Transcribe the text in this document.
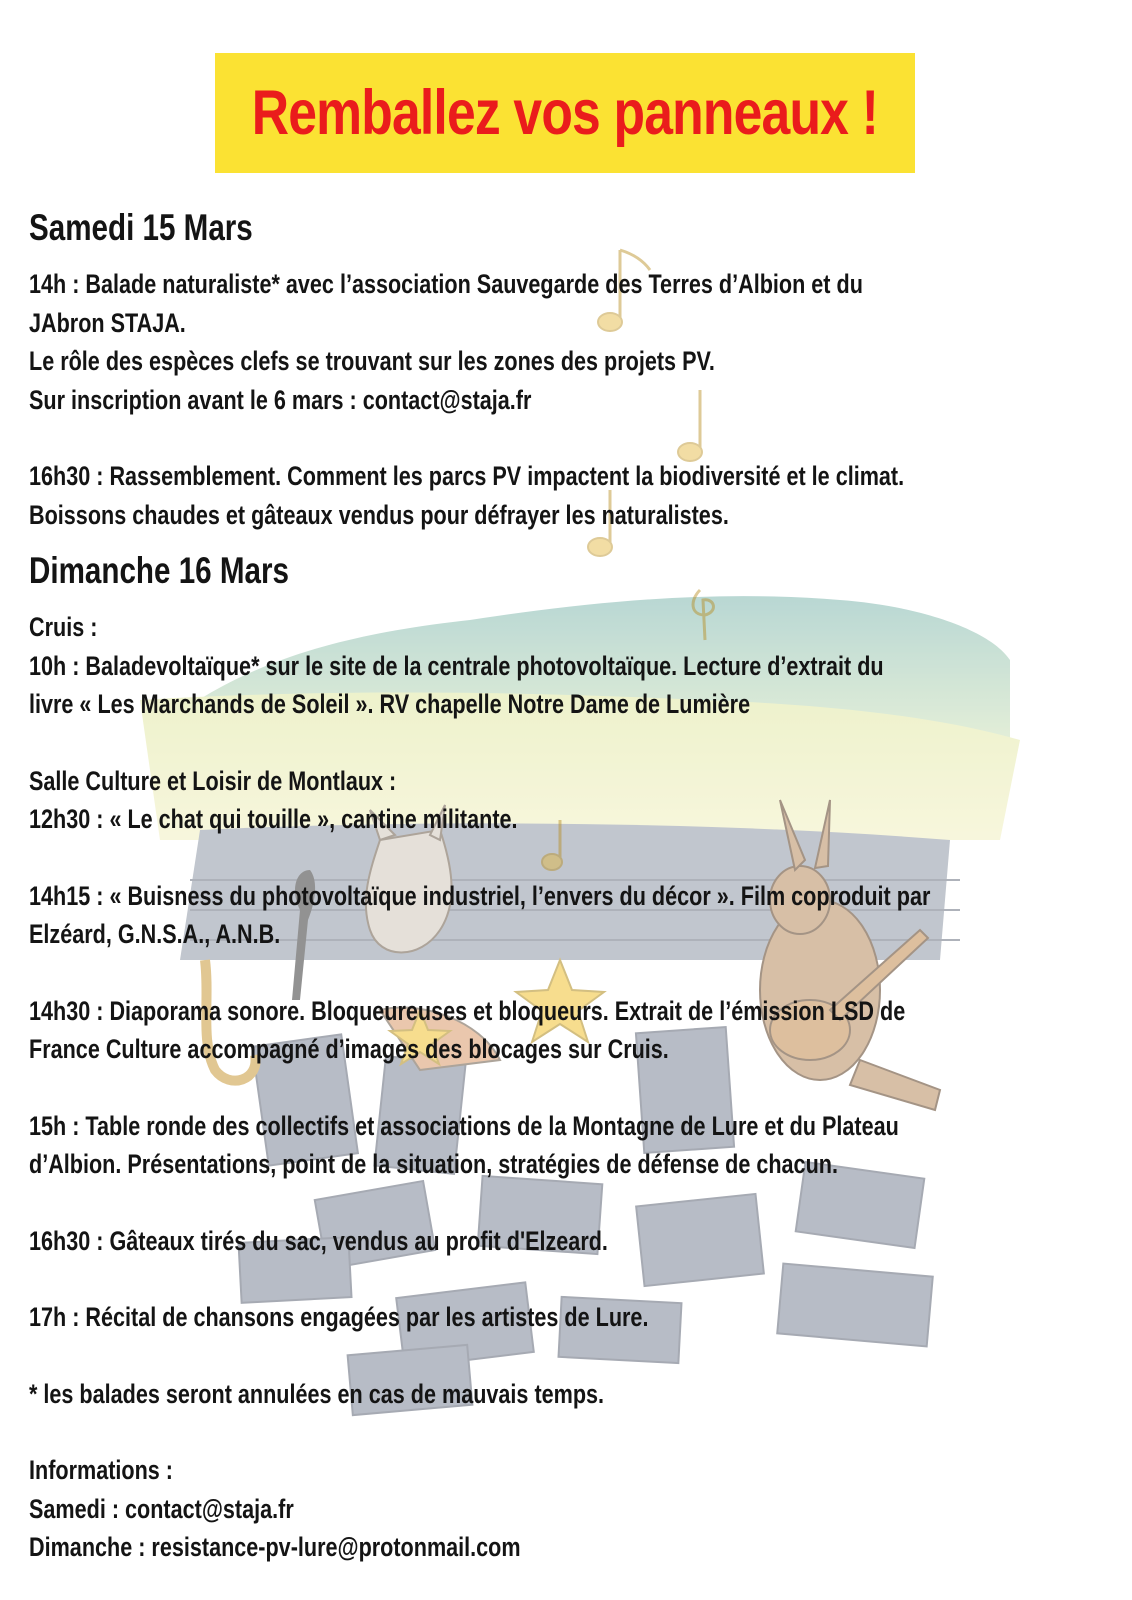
Remballez vos panneaux !
Samedi 15 Mars
14h : Balade naturaliste* avec l’association Sauvegarde des Terres d’Albion et du
JAbron STAJA.
Le rôle des espèces clefs se trouvant sur les zones des projets PV.
Sur inscription avant le 6 mars : contact@staja.fr
16h30 : Rassemblement. Comment les parcs PV impactent la biodiversité et le climat.
Boissons chaudes et gâteaux vendus pour défrayer les naturalistes.
Dimanche 16 Mars
Cruis :
10h : Baladevoltaïque* sur le site de la centrale photovoltaïque. Lecture d’extrait du
livre « Les Marchands de Soleil ». RV chapelle Notre Dame de Lumière
Salle Culture et Loisir de Montlaux :
12h30 : « Le chat qui touille », cantine militante.
14h15 : « Buisness du photovoltaïque industriel, l’envers du décor ». Film coproduit par
Elzéard, G.N.S.A., A.N.B.
14h30 : Diaporama sonore. Bloqueureuses et bloqueurs. Extrait de l’émission LSD de
France Culture accompagné d’images des blocages sur Cruis.
15h : Table ronde des collectifs et associations de la Montagne de Lure et du Plateau
d’Albion. Présentations, point de la situation, stratégies de défense de chacun.
16h30 : Gâteaux tirés du sac, vendus au profit d'Elzeard.
17h : Récital de chansons engagées par les artistes de Lure.
* les balades seront annulées en cas de mauvais temps.
Informations :
Samedi : contact@staja.fr
Dimanche : resistance-pv-lure@protonmail.com
